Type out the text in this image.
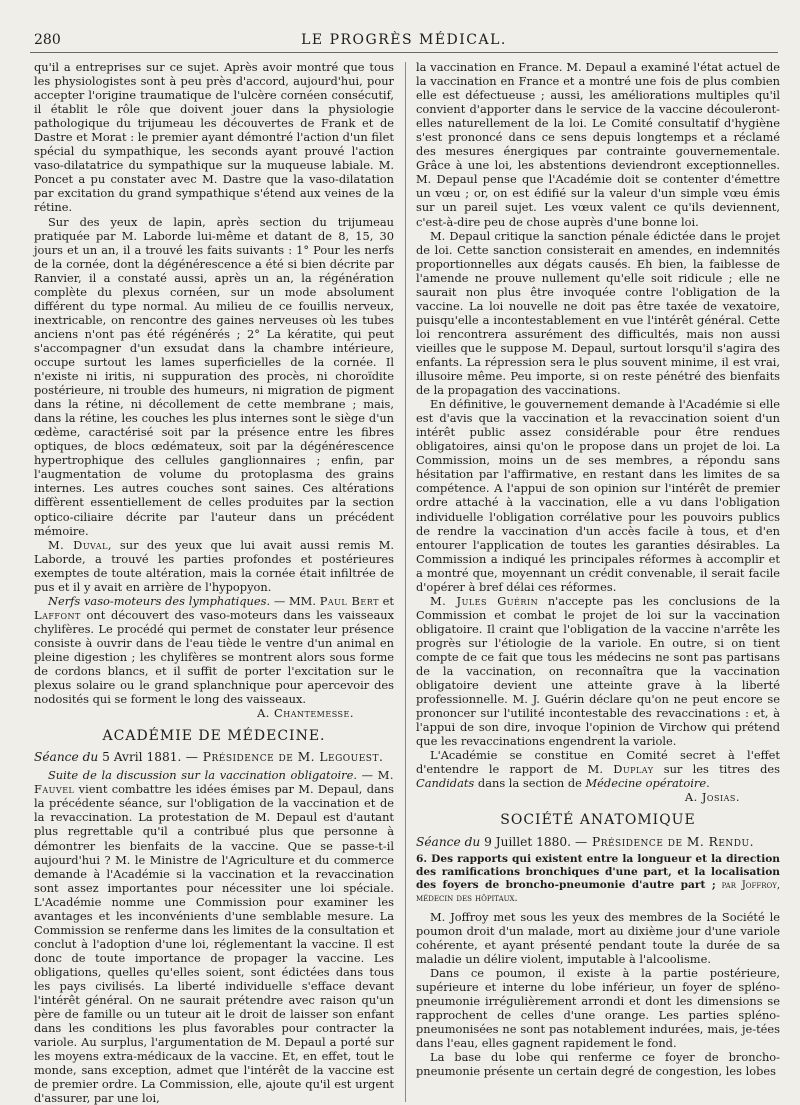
280	LE PROGRÈS MÉDICAL.

qu'il a entreprises sur ce sujet. Après avoir montré que tous les physiologistes sont à peu près d'accord, aujourd'hui, pour accepter l'origine traumatique de l'ulcère cornéen consécutif, il établit le rôle que doivent jouer dans la physiologie pathologique du trijumeau les découvertes de Frank et de Dastre et Morat : le premier ayant démontré l'action d'un filet spécial du sympathique, les seconds ayant prouvé l'action vaso-dilatatrice du sympathique sur la muqueuse labiale. M. Poncet a pu constater avec M. Dastre que la vaso-dilatation par excitation du grand sympathique s'étend aux veines de la rétine.

Sur des yeux de lapin, après section du trijumeau pratiquée par M. Laborde lui-même et datant de 8, 15, 30 jours et un an, il a trouvé les faits suivants : 1° Pour les nerfs de la cornée, dont la dégénérescence a été si bien décrite par Ranvier, il a constaté aussi, après un an, la régénération complète du plexus cornéen, sur un mode absolument différent du type normal. Au milieu de ce fouillis nerveux, inextricable, on rencontre des gaines nerveuses où les tubes anciens n'ont pas été régénérés ; 2° La kératite, qui peut s'accompagner d'un exsudat dans la chambre intérieure, occupe surtout les lames superficielles de la cornée. Il n'existe ni iritis, ni suppuration des procès, ni choroïdite postérieure, ni trouble des humeurs, ni migration de pigment dans la rétine, ni décollement de cette membrane ; mais, dans la rétine, les couches les plus internes sont le siège d'un œdème, caractérisé soit par la présence entre les fibres optiques, de blocs œdémateux, soit par la dégénérescence hypertrophique des cellules ganglionnaires ; enfin, par l'augmentation de volume du protoplasma des grains internes. Les autres couches sont saines. Ces altérations diffèrent essentiellement de celles produites par la section optico-ciliaire décrite par l'auteur dans un précédent mémoire.

M. Duval, sur des yeux que lui avait aussi remis M. Laborde, a trouvé les parties profondes et postérieures exemptes de toute altération, mais la cornée était infiltrée de pus et il y avait en arrière de l'hypopyon.

Nerfs vaso-moteurs des lymphatiques. — MM. Paul Bert et Laffont ont découvert des vaso-moteurs dans les vaisseaux chylifères. Le procédé qui permet de constater leur présence consiste à ouvrir dans de l'eau tiède le ventre d'un animal en pleine digestion ; les chylifères se montrent alors sous forme de cordons blancs, et il suffit de porter l'excitation sur le plexus solaire ou le grand splanchnique pour apercevoir des nodosités qui se forment le long des vaisseaux.

A. Chantemesse.

ACADÉMIE DE MÉDECINE.

Séance du 5 Avril 1881. — Présidence de M. Legouest.

Suite de la discussion sur la vaccination obligatoire. — M. Fauvel vient combattre les idées émises par M. Depaul, dans la précédente séance, sur l'obligation de la vaccination et de la revaccination. La protestation de M. Depaul est d'autant plus regrettable qu'il a contribué plus que personne à démontrer les bienfaits de la vaccine. Que se passe-t-il aujourd'hui ? M. le Ministre de l'Agriculture et du commerce demande à l'Académie si la vaccination et la revaccination sont assez importantes pour nécessiter une loi spéciale. L'Académie nomme une Commission pour examiner les avantages et les inconvénients d'une semblable mesure. La Commission se renferme dans les limites de la consultation et conclut à l'adoption d'une loi, réglementant la vaccine. Il est donc de toute importance de propager la vaccine. Les obligations, quelles qu'elles soient, sont édictées dans tous les pays civilisés. La liberté individuelle s'efface devant l'intérêt général. On ne saurait prétendre avec raison qu'un père de famille ou un tuteur ait le droit de laisser son enfant dans les conditions les plus favorables pour contracter la variole. Au surplus, l'argumentation de M. Depaul a porté sur les moyens extra-médicaux de la vaccine. Et, en effet, tout le monde, sans exception, admet que l'intérêt de la vaccine est de premier ordre. La Commission, elle, ajoute qu'il est urgent d'assurer, par une loi,

la vaccination en France. M. Depaul a examiné l'état actuel de la vaccination en France et a montré une fois de plus combien elle est défectueuse ; aussi, les améliorations multiples qu'il convient d'apporter dans le service de la vaccine découleront-elles naturellement de la loi. Le Comité consultatif d'hygiène s'est prononcé dans ce sens depuis longtemps et a réclamé des mesures énergiques par contrainte gouvernementale. Grâce à une loi, les abstentions deviendront exceptionnelles. M. Depaul pense que l'Académie doit se contenter d'émettre un vœu ; or, on est édifié sur la valeur d'un simple vœu émis sur un pareil sujet. Les vœux valent ce qu'ils deviennent, c'est-à-dire peu de chose auprès d'une bonne loi.

M. Depaul critique la sanction pénale édictée dans le projet de loi. Cette sanction consisterait en amendes, en indemnités proportionnelles aux dégats causés. Eh bien, la faiblesse de l'amende ne prouve nullement qu'elle soit ridicule ; elle ne saurait non plus être invoquée contre l'obligation de la vaccine. La loi nouvelle ne doit pas être taxée de vexatoire, puisqu'elle a incontestablement en vue l'intérêt général. Cette loi rencontrera assurément des difficultés, mais non aussi vieilles que le suppose M. Depaul, surtout lorsqu'il s'agira des enfants. La répression sera le plus souvent minime, il est vrai, illusoire même. Peu importe, si on reste pénétré des bienfaits de la propagation des vaccinations.

En définitive, le gouvernement demande à l'Académie si elle est d'avis que la vaccination et la revaccination soient d'un intérêt public assez considérable pour être rendues obligatoires, ainsi qu'on le propose dans un projet de loi. La Commission, moins un de ses membres, a répondu sans hésitation par l'affirmative, en restant dans les limites de sa compétence. A l'appui de son opinion sur l'intérêt de premier ordre attaché à la vaccination, elle a vu dans l'obligation individuelle l'obligation corrélative pour les pouvoirs publics de rendre la vaccination d'un accès facile à tous, et d'en entourer l'application de toutes les garanties désirables. La Commission a indiqué les principales réformes à accomplir et a montré que, moyennant un crédit convenable, il serait facile d'opérer à bref délai ces réformes.

M. Jules Guérin n'accepte pas les conclusions de la Commission et combat le projet de loi sur la vaccination obligatoire. Il craint que l'obligation de la vaccine n'arrête les progrès sur l'étiologie de la variole. En outre, si on tient compte de ce fait que tous les médecins ne sont pas partisans de la vaccination, on reconnaîtra que la vaccination obligatoire devient une atteinte grave à la liberté professionnelle. M. J. Guérin déclare qu'on ne peut encore se prononcer sur l'utilité incontestable des revaccinations : et, à l'appui de son dire, invoque l'opinion de Virchow qui prétend que les revaccinations engendrent la variole.

L'Académie se constitue en Comité secret à l'effet d'entendre le rapport de M. Duplay sur les titres des Candidats dans la section de Médecine opératoire.

A. Josias.

SOCIÉTÉ ANATOMIQUE

Séance du 9 Juillet 1880. — Présidence de M. Rendu.

6. Des rapports qui existent entre la longueur et la direction des ramifications bronchiques d'une part, et la localisation des foyers de broncho-pneumonie d'autre part ; par Joffroy, médecin des hôpitaux.

M. Joffroy met sous les yeux des membres de la Société le poumon droit d'un malade, mort au dixième jour d'une variole cohérente, et ayant présenté pendant toute la durée de sa maladie un délire violent, imputable à l'alcoolisme.

Dans ce poumon, il existe à la partie postérieure, supérieure et interne du lobe inférieur, un foyer de spléno-pneumonie irrégulièrement arrondi et dont les dimensions se rapprochent de celles d'une orange. Les parties spléno-pneumonisées ne sont pas notablement indurées, mais, je-tées dans l'eau, elles gagnent rapidement le fond.

La base du lobe qui renferme ce foyer de broncho-pneumonie présente un certain degré de congestion, les lobes
